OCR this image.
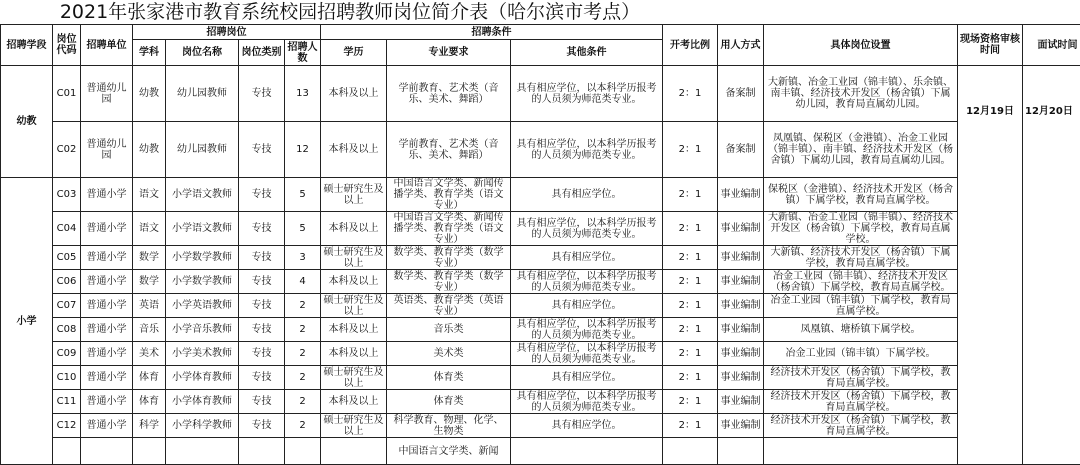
2021年张家港市教育系统校园招聘教师岗位简介表（哈尔滨市考点）
招聘学段	岗位代码	招聘单位	招聘岗位				招聘条件			开考比例	用人方式	具体岗位设置	现场资格审核时间	面试时间
			学科	岗位名称	岗位类别	招聘人数	学历	专业要求	其他条件					
幼教	C01	普通幼儿园	幼教	幼儿园教师	专技	13	本科及以上	学前教育、艺术类（音乐、美术、舞蹈）	具有相应学位，以本科学历报考的人员须为师范类专业。	2：1	备案制	大新镇、冶金工业园（锦丰镇）、乐余镇、南丰镇、经济技术开发区（杨舍镇）下属幼儿园，教育局直属幼儿园。	12月19日	12月20日
	C02	普通幼儿园	幼教	幼儿园教师	专技	12	本科及以上	学前教育、艺术类（音乐、美术、舞蹈）	具有相应学位，以本科学历报考的人员须为师范类专业。	2：1	备案制	凤凰镇、保税区（金港镇）、冶金工业园（锦丰镇）、南丰镇、经济技术开发区（杨舍镇）下属幼儿园，教育局直属幼儿园。		
小学	C03	普通小学	语文	小学语文教师	专技	5	硕士研究生及以上	中国语言文学类、新闻传播学类、教育学类（语文专业）	具有相应学位。	2：1	事业编制	保税区（金港镇）、经济技术开发区（杨舍镇）下属学校，教育局直属学校。		
	C04	普通小学	语文	小学语文教师	专技	5	本科及以上	中国语言文学类、新闻传播学类、教育学类（语文专业）	具有相应学位，以本科学历报考的人员须为师范类专业。	2：1	事业编制	大新镇、冶金工业园（锦丰镇）、经济技术开发区（杨舍镇）下属学校，教育局直属学校。		
	C05	普通小学	数学	小学数学教师	专技	3	硕士研究生及以上	数学类、教育学类（数学专业）	具有相应学位。	2：1	事业编制	大新镇、经济技术开发区（杨舍镇）下属学校，教育局直属学校。		
	C06	普通小学	数学	小学数学教师	专技	4	本科及以上	数学类、教育学类（数学专业）	具有相应学位，以本科学历报考的人员须为师范类专业。	2：1	事业编制	冶金工业园（锦丰镇）、经济技术开发区（杨舍镇）下属学校，教育局直属学校。		
	C07	普通小学	英语	小学英语教师	专技	2	硕士研究生及以上	英语类、教育学类（英语专业）	具有相应学位。	2：1	事业编制	冶金工业园（锦丰镇）下属学校，教育局直属学校。		
	C08	普通小学	音乐	小学音乐教师	专技	2	本科及以上	音乐类	具有相应学位，以本科学历报考的人员须为师范类专业。	2：1	事业编制	凤凰镇、塘桥镇下属学校。		
	C09	普通小学	美术	小学美术教师	专技	2	本科及以上	美术类	具有相应学位，以本科学历报考的人员须为师范类专业。	2：1	事业编制	冶金工业园（锦丰镇）下属学校。		
	C10	普通小学	体育	小学体育教师	专技	2	硕士研究生及以上	体育类	具有相应学位。	2：1	事业编制	经济技术开发区（杨舍镇）下属学校，教育局直属学校。		
	C11	普通小学	体育	小学体育教师	专技	2	本科及以上	体育类	具有相应学位，以本科学历报考的人员须为师范类专业。	2：1	事业编制	经济技术开发区（杨舍镇）下属学校，教育局直属学校。		
	C12	普通小学	科学	小学科学教师	专技	2	硕士研究生及以上	科学教育、物理、化学、生物类	具有相应学位。	2：1	事业编制	经济技术开发区（杨舍镇）下属学校，教育局直属学校。		
								中国语言文学类、新闻						
